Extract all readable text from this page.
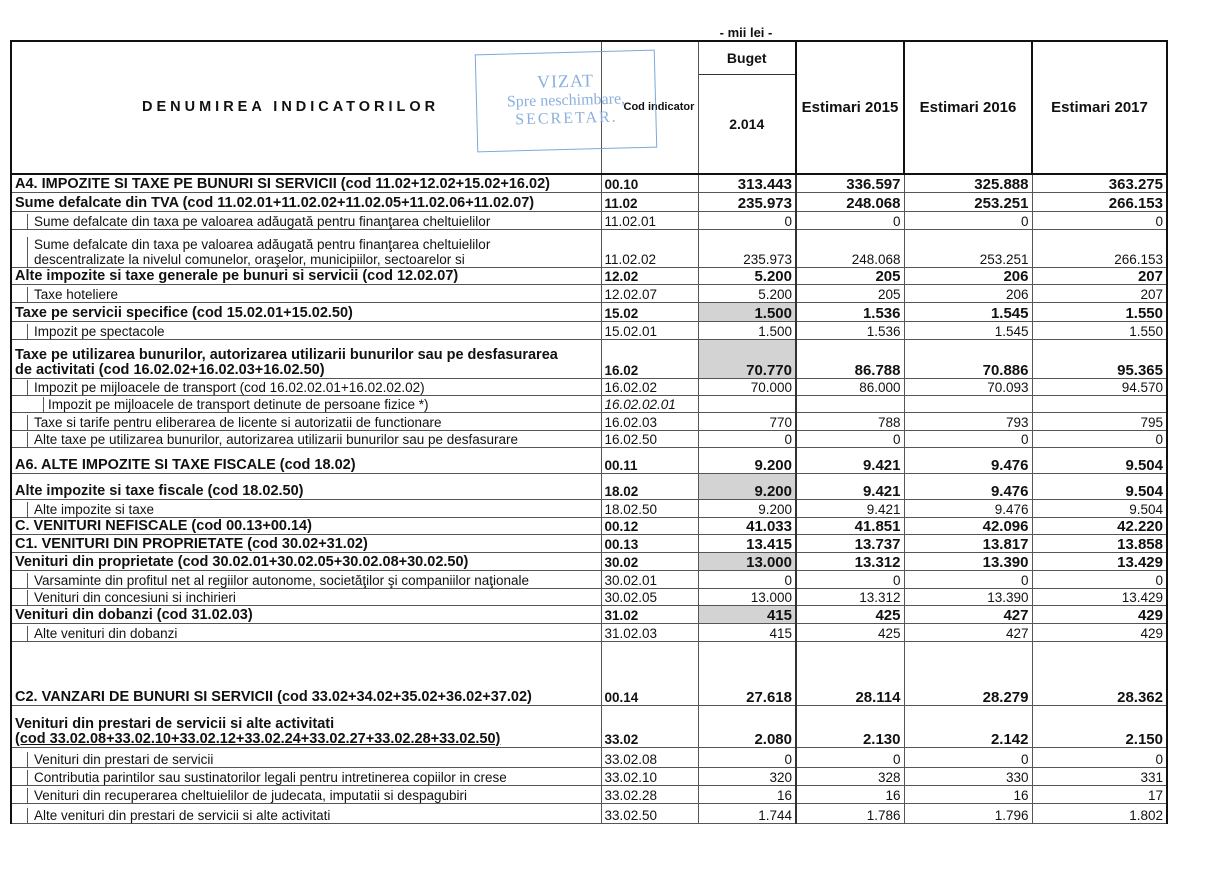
- mii lei -
DENUMIREA INDICATORILOR	Cod indicator	Buget
2.014	Estimari 2015	Estimari 2016	Estimari 2017
A4. IMPOZITE SI TAXE PE BUNURI SI SERVICII (cod 11.02+12.02+15.02+16.02)	00.10	313.443	336.597	325.888	363.275
Sume defalcate din TVA (cod 11.02.01+11.02.02+11.02.05+11.02.06+11.02.07)	11.02	235.973	248.068	253.251	266.153
Sume defalcate din taxa pe valoarea adăugată pentru finanţarea cheltuielilor	11.02.01	0	0	0	0

Sume defalcate din taxa pe valoarea adăugată pentru finanţarea cheltuielilor
descentralizate la nivelul comunelor, oraşelor, municipiilor, sectoarelor si	11.02.02	235.973	248.068	253.251	266.153
Alte impozite si taxe generale pe bunuri si servicii (cod 12.02.07)	12.02	5.200	205	206	207
Taxe hoteliere	12.02.07	5.200	205	206	207
Taxe pe servicii specifice (cod 15.02.01+15.02.50)	15.02	1.500	1.536	1.545	1.550
Impozit pe spectacole	15.02.01	1.500	1.536	1.545	1.550

Taxe pe utilizarea bunurilor, autorizarea utilizarii bunurilor sau pe desfasurarea
de activitati (cod 16.02.02+16.02.03+16.02.50)	16.02	70.770	86.788	70.886	95.365
Impozit pe mijloacele de transport (cod 16.02.02.01+16.02.02.02)	16.02.02	70.000	86.000	70.093	94.570
Impozit pe mijloacele de transport detinute de persoane fizice *)	16.02.02.01				
Taxe si tarife pentru eliberarea de licente si autorizatii de functionare	16.02.03	770	788	793	795
Alte taxe pe utilizarea bunurilor, autorizarea utilizarii bunurilor sau pe desfasurare	16.02.50	0	0	0	0
A6. ALTE IMPOZITE SI TAXE FISCALE (cod 18.02)	00.11	9.200	9.421	9.476	9.504
Alte impozite si taxe fiscale (cod 18.02.50)	18.02	9.200	9.421	9.476	9.504
Alte impozite si taxe	18.02.50	9.200	9.421	9.476	9.504
C. VENITURI NEFISCALE (cod 00.13+00.14)	00.12	41.033	41.851	42.096	42.220
C1. VENITURI DIN PROPRIETATE (cod 30.02+31.02)	00.13	13.415	13.737	13.817	13.858
Venituri din proprietate (cod 30.02.01+30.02.05+30.02.08+30.02.50)	30.02	13.000	13.312	13.390	13.429
Varsaminte din profitul net al regiilor autonome, societăţilor şi companiilor naţionale	30.02.01	0	0	0	0
Venituri din concesiuni si inchirieri	30.02.05	13.000	13.312	13.390	13.429
Venituri din dobanzi (cod 31.02.03)	31.02	415	425	427	429
Alte venituri din dobanzi	31.02.03	415	425	427	429
C2. VANZARI DE BUNURI SI SERVICII (cod 33.02+34.02+35.02+36.02+37.02)	00.14	27.618	28.114	28.279	28.362

Venituri din prestari de servicii si alte activitati
(cod 33.02.08+33.02.10+33.02.12+33.02.24+33.02.27+33.02.28+33.02.50)	33.02	2.080	2.130	2.142	2.150
Venituri din prestari de servicii	33.02.08	0	0	0	0
Contributia parintilor sau sustinatorilor legali pentru intretinerea copiilor in crese	33.02.10	320	328	330	331
Venituri din recuperarea cheltuielilor de judecata, imputatii si despagubiri	33.02.28	16	16	16	17
Alte venituri din prestari de servicii si alte activitati	33.02.50	1.744	1.786	1.796	1.802
VIZAT
Spre neschimbare,
SECRETAR.
